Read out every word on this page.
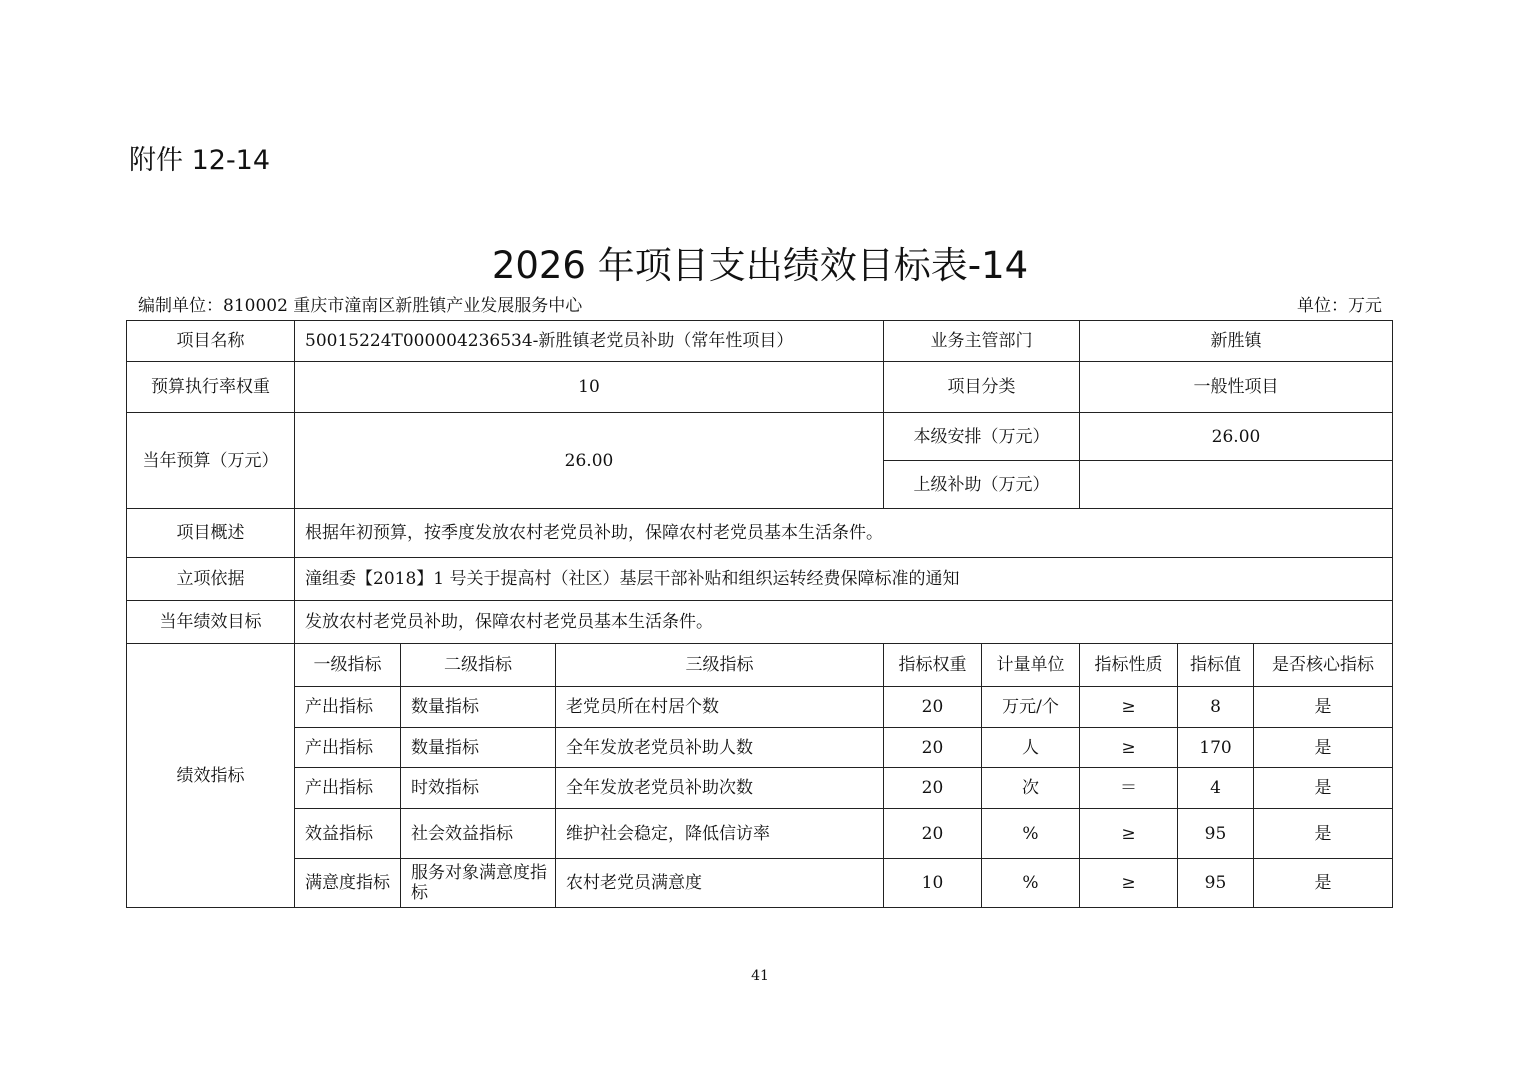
附件 12-14
2026 年项目支出绩效目标表-14
编制单位：810002 重庆市潼南区新胜镇产业发展服务中心	单位：万元
项目名称	50015224T000004236534-新胜镇老党员补助（常年性项目）			业务主管部门		新胜镇		
预算执行率权重	10			项目分类		一般性项目		
当年预算（万元）	26.00			本级安排（万元）		26.00		
				上级补助（万元）				
项目概述	根据年初预算，按季度发放农村老党员补助，保障农村老党员基本生活条件。							
立项依据	潼组委【2018】1 号关于提高村（社区）基层干部补贴和组织运转经费保障标准的通知							
当年绩效目标	发放农村老党员补助，保障农村老党员基本生活条件。							
绩效指标	一级指标	二级指标	三级指标	指标权重	计量单位	指标性质	指标值	是否核心指标
	产出指标	数量指标	老党员所在村居个数	20	万元/个	≥	8	是
	产出指标	数量指标	全年发放老党员补助人数	20	人	≥	170	是
	产出指标	时效指标	全年发放老党员补助次数	20	次	＝	4	是
	效益指标	社会效益指标	维护社会稳定，降低信访率	20	%	≥	95	是
	满意度指标	服务对象满意度指标	农村老党员满意度	10	%	≥	95	是
41
